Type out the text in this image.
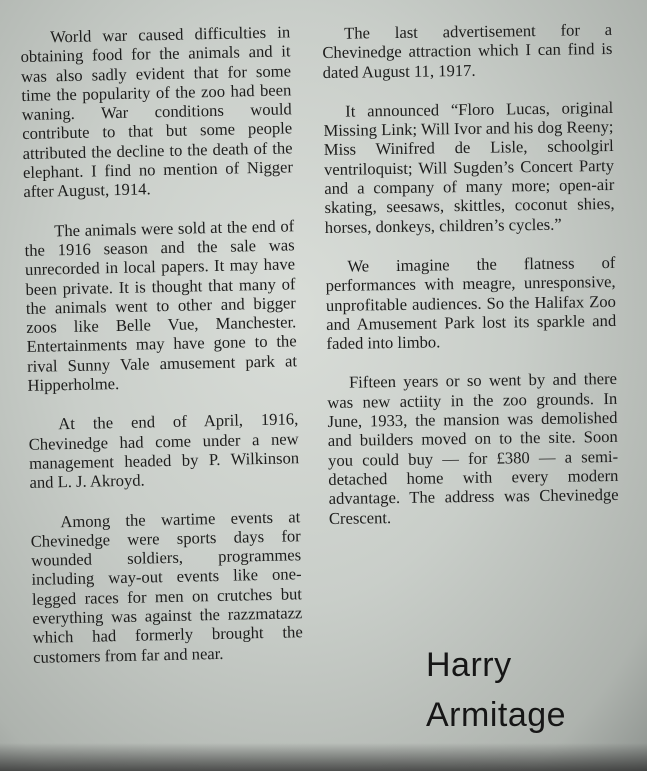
World war caused difficulties in obtaining food for the animals and it was also sadly evident that for some time the popularity of the zoo had been waning. War conditions would contribute to that but some people attributed the decline to the death of the elephant. I find no mention of Nigger after August, 1914.

The animals were sold at the end of the 1916 season and the sale was unrecorded in local papers. It may have been private. It is thought that many of the animals went to other and bigger zoos like Belle Vue, Manchester. Entertainments may have gone to the rival Sunny Vale amusement park at Hipperholme.

At the end of April, 1916, Chevinedge had come under a new management headed by P. Wilkinson and L. J. Akroyd.

Among the wartime events at Chevinedge were sports days for wounded soldiers, programmes including way-out events like one-legged races for men on crutches but everything was against the razzmatazz which had formerly brought the customers from far and near.

The last advertisement for a Chevinedge attraction which I can find is dated August 11, 1917.

It announced “Floro Lucas, original Missing Link; Will Ivor and his dog Reeny; Miss Winifred de Lisle, schoolgirl ventriloquist; Will Sugden’s Concert Party and a company of many more; open-air skating, seesaws, skittles, coconut shies, horses, donkeys, children’s cycles.”

We imagine the flatness of performances with meagre, unresponsive, unprofitable audiences. So the Halifax Zoo and Amusement Park lost its sparkle and faded into limbo.

Fifteen years or so went by and there was new actiity in the zoo grounds. In June, 1933, the mansion was demolished and builders moved on to the site. Soon you could buy — for £380 — a semi-detached home with every modern advantage. The address was Chevinedge Crescent.

Harry
Armitage
